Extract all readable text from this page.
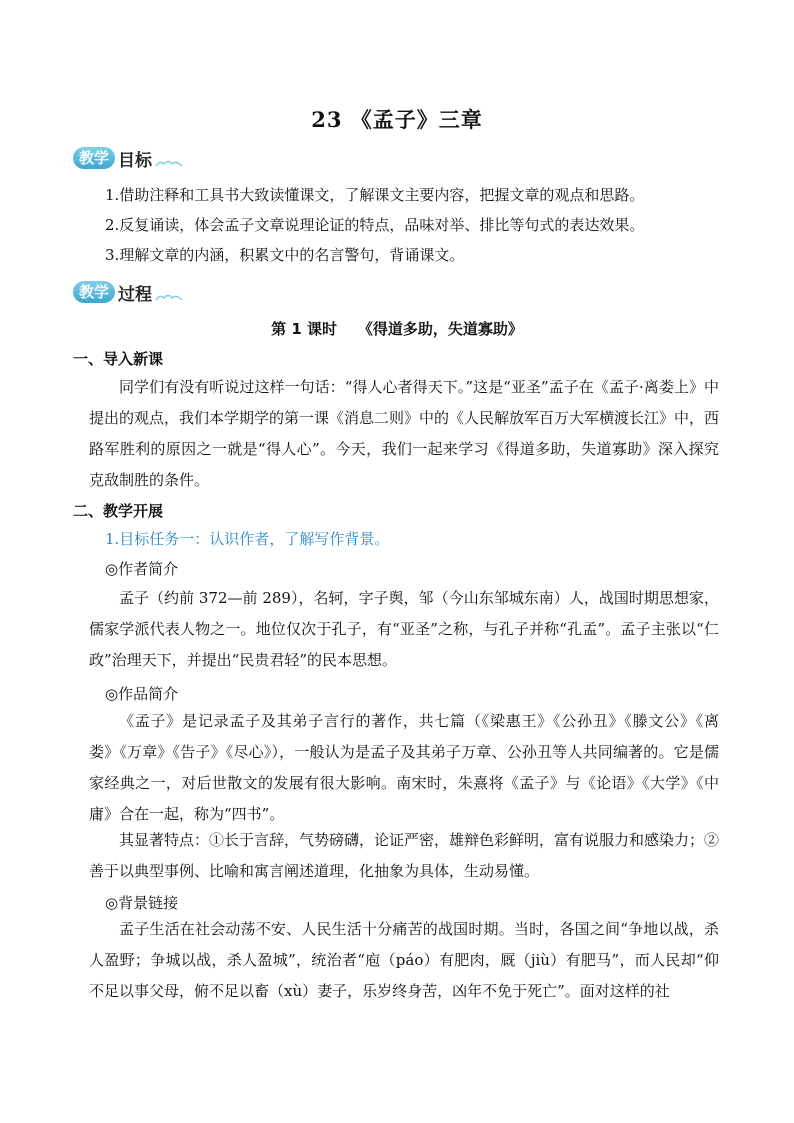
23 《孟子》三章
教学 目标
1.借助注释和工具书大致读懂课文，了解课文主要内容，把握文章的观点和思路。
2.反复诵读，体会孟子文章说理论证的特点，品味对举、排比等句式的表达效果。
3.理解文章的内涵，积累文中的名言警句，背诵课文。
教学 过程
第 1 课时    《得道多助，失道寡助》
一、导入新课
同学们有没有听说过这样一句话：“得人心者得天下。”这是“亚圣”孟子在《孟子·离娄上》中提出的观点，我们本学期学的第一课《消息二则》中的《人民解放军百万大军横渡长江》中，西路军胜利的原因之一就是“得人心”。今天，我们一起来学习《得道多助，失道寡助》深入探究克敌制胜的条件。
二、教学开展
1.目标任务一：认识作者，了解写作背景。
◎作者简介
孟子（约前 372—前 289），名轲，字子舆，邹（今山东邹城东南）人，战国时期思想家，儒家学派代表人物之一。地位仅次于孔子，有“亚圣”之称，与孔子并称“孔孟”。孟子主张以“仁政”治理天下，并提出“民贵君轻”的民本思想。
◎作品简介
《孟子》是记录孟子及其弟子言行的著作，共七篇（《梁惠王》《公孙丑》《滕文公》《离娄》《万章》《告子》《尽心》），一般认为是孟子及其弟子万章、公孙丑等人共同编著的。它是儒家经典之一，对后世散文的发展有很大影响。南宋时，朱熹将《孟子》与《论语》《大学》《中庸》合在一起，称为“四书”。
其显著特点：①长于言辞，气势磅礴，论证严密，雄辩色彩鲜明，富有说服力和感染力；②善于以典型事例、比喻和寓言阐述道理，化抽象为具体，生动易懂。
◎背景链接
孟子生活在社会动荡不安、人民生活十分痛苦的战国时期。当时，各国之间“争地以战，杀人盈野；争城以战，杀人盈城”，统治者“庖（páo）有肥肉，厩（jiù）有肥马”，而人民却“仰不足以事父母，俯不足以畜（xù）妻子，乐岁终身苦，凶年不免于死亡”。面对这样的社
